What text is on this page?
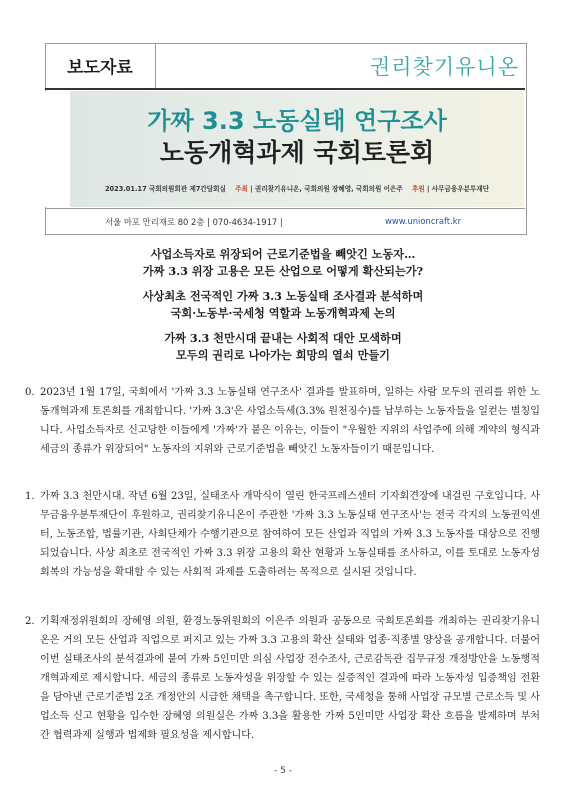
보도자료	권리찾기유니온
가짜 3.3 노동실태 연구조사
노동개혁과제 국회토론회
2023.01.17 국회의원회관 제7간담회실 주최 | 권리찾기유니온, 국회의원 장혜영, 국회의원 이은주 후원 | 사무금융우분투재단
서울 마포 만리재로 80 2층 | 070-4634-1917 |	www.unioncraft.kr
사업소득자로 위장되어 근로기준법을 빼앗긴 노동자…
가짜 3.3 위장 고용은 모든 산업으로 어떻게 확산되는가?
사상최초 전국적인 가짜 3.3 노동실태 조사결과 분석하며
국회·노동부·국세청 역할과 노동개혁과제 논의
가짜 3.3 천만시대 끝내는 사회적 대안 모색하며
모두의 권리로 나아가는 희망의 열쇠 만들기
0. 2023년 1월 17일, 국회에서 '가짜 3.3 노동실태 연구조사' 결과를 발표하며, 일하는 사람 모두의 권리를 위한 노동개혁과제 토론회를 개최합니다. '가짜 3.3'은 사업소득세(3.3% 원천징수)를 납부하는 노동자들을 일컫는 별칭입니다. 사업소득자로 신고당한 이들에게 '가짜'가 붙은 이유는, 이들이 "우월한 지위의 사업주에 의해 계약의 형식과 세금의 종류가 위장되어" 노동자의 지위와 근로기준법을 빼앗긴 노동자들이기 때문입니다.
1. 가짜 3.3 천만시대. 작년 6월 23일, 실태조사 개막식이 열린 한국프레스센터 기자회견장에 내걸린 구호입니다. 사무금융우분투재단이 후원하고, 권리찾기유니온이 주관한 '가짜 3.3 노동실태 연구조사'는 전국 각지의 노동권익센터, 노동조합, 법률기관, 사회단체가 수행기관으로 참여하여 모든 산업과 직업의 가짜 3.3 노동자를 대상으로 진행되었습니다. 사상 최초로 전국적인 가짜 3.3 위장 고용의 확산 현황과 노동실태를 조사하고, 이를 토대로 노동자성 회복의 가능성을 확대할 수 있는 사회적 과제를 도출하려는 목적으로 실시된 것입니다.
2. 기획재정위원회의 장혜영 의원, 환경노동위원회의 이은주 의원과 공동으로 국회토론회를 개최하는 권리찾기유니온은 거의 모든 산업과 직업으로 퍼지고 있는 가짜 3.3 고용의 확산 실태와 업종·직종별 양상을 공개합니다. 더불어 이번 실태조사의 분석결과에 붙여 가짜 5인미만 의심 사업장 전수조사, 근로감독관 집무규정 개정방안을 노동행적 개혁과제로 제시합니다. 세금의 종류로 노동자성을 위장할 수 있는 실증적인 결과에 따라 노동자성 입증책임 전환을 담아낸 근로기준법 2조 개정안의 시급한 채택을 촉구합니다. 또한, 국세청을 통해 사업장 규모별 근로소득 및 사업소득 신고 현황을 입수한 장혜영 의원실은 가짜 3.3을 활용한 가짜 5인미만 사업장 확산 흐름을 발제하며 부처 간 협력과제 실행과 법제화 필요성을 제시합니다.
- 5 -
